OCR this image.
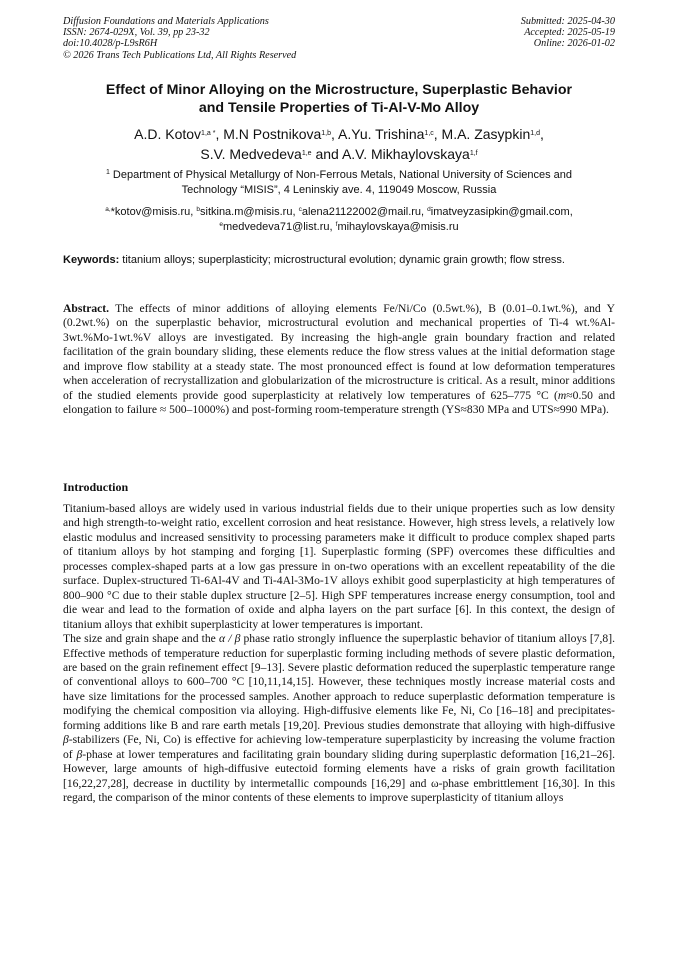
Diffusion Foundations and Materials Applications
ISSN: 2674-029X, Vol. 39, pp 23-32
doi:10.4028/p-L9sR6H
© 2026 Trans Tech Publications Ltd, All Rights Reserved
Submitted: 2025-04-30
Accepted: 2025-05-19
Online: 2026-01-02
Effect of Minor Alloying on the Microstructure, Superplastic Behavior
and Tensile Properties of Ti-Al-V-Mo Alloy
A.D. Kotov$^{1,a *}$, M.N Postnikova$^{1,b}$, A.Yu. Trishina$^{1,c}$, M.A. Zasypkin$^{1,d}$,
S.V. Medvedeva$^{1,e}$ and A.V. Mikhaylovskaya$^{1,f}$
$^1$ Department of Physical Metallurgy of Non-Ferrous Metals, National University of Sciences and
Technology “MISIS”, 4 Leninskiy ave. 4, 119049 Moscow, Russia
$^{a,}$*kotov@misis.ru, $^b$sitkina.m@misis.ru, $^c$alena21122002@mail.ru, $^d$imatveyzasipkin@gmail.com,
$^e$medvedeva71@list.ru, $^f$mihaylovskaya@misis.ru
Keywords: titanium alloys; superplasticity; microstructural evolution; dynamic grain growth; flow stress.
Abstract. The effects of minor additions of alloying elements Fe/Ni/Co (0.5wt.%), B (0.01–0.1wt.%), and Y (0.2wt.%) on the superplastic behavior, microstructural evolution and mechanical properties of Ti-4 wt.%Al-3wt.%Mo-1wt.%V alloys are investigated. By increasing the high-angle grain boundary fraction and related facilitation of the grain boundary sliding, these elements reduce the flow stress values at the initial deformation stage and improve flow stability at a steady state. The most pronounced effect is found at low deformation temperatures when acceleration of recrystallization and globularization of the microstructure is critical. As a result, minor additions of the studied elements provide good superplasticity at relatively low temperatures of 625–775 °C (m≈0.50 and elongation to failure ≈ 500–1000%) and post-forming room-temperature strength (YS≈830 MPa and UTS≈990 MPa).
Introduction

Titanium-based alloys are widely used in various industrial fields due to their unique properties such as low density and high strength-to-weight ratio, excellent corrosion and heat resistance. However, high stress levels, a relatively low elastic modulus and increased sensitivity to processing parameters make it difficult to produce complex shaped parts of titanium alloys by hot stamping and forging [1]. Superplastic forming (SPF) overcomes these difficulties and processes complex-shaped parts at a low gas pressure in on-two operations with an excellent repeatability of the die surface. Duplex-structured Ti-6Al-4V and Ti-4Al-3Mo-1V alloys exhibit good superplasticity at high temperatures of 800–900 °C due to their stable duplex structure [2–5]. High SPF temperatures increase energy consumption, tool and die wear and lead to the formation of oxide and alpha layers on the part surface [6]. In this context, the design of titanium alloys that exhibit superplasticity at lower temperatures is important.

The size and grain shape and the α / β phase ratio strongly influence the superplastic behavior of titanium alloys [7,8]. Effective methods of temperature reduction for superplastic forming including methods of severe plastic deformation, are based on the grain refinement effect [9–13]. Severe plastic deformation reduced the superplastic temperature range of conventional alloys to 600–700 °C [10,11,14,15]. However, these techniques mostly increase material costs and have size limitations for the processed samples. Another approach to reduce superplastic deformation temperature is modifying the chemical composition via alloying. High-diffusive elements like Fe, Ni, Co [16–18] and precipitates-forming additions like B and rare earth metals [19,20]. Previous studies demonstrate that alloying with high-diffusive β-stabilizers (Fe, Ni, Co) is effective for achieving low-temperature superplasticity by increasing the volume fraction of β-phase at lower temperatures and facilitating grain boundary sliding during superplastic deformation [16,21–26]. However, large amounts of high-diffusive eutectoid forming elements have a risks of grain growth facilitation [16,22,27,28], decrease in ductility by intermetallic compounds [16,29] and ω-phase embrittlement [16,30]. In this regard, the comparison of the minor contents of these elements to improve superplasticity of titanium alloys
